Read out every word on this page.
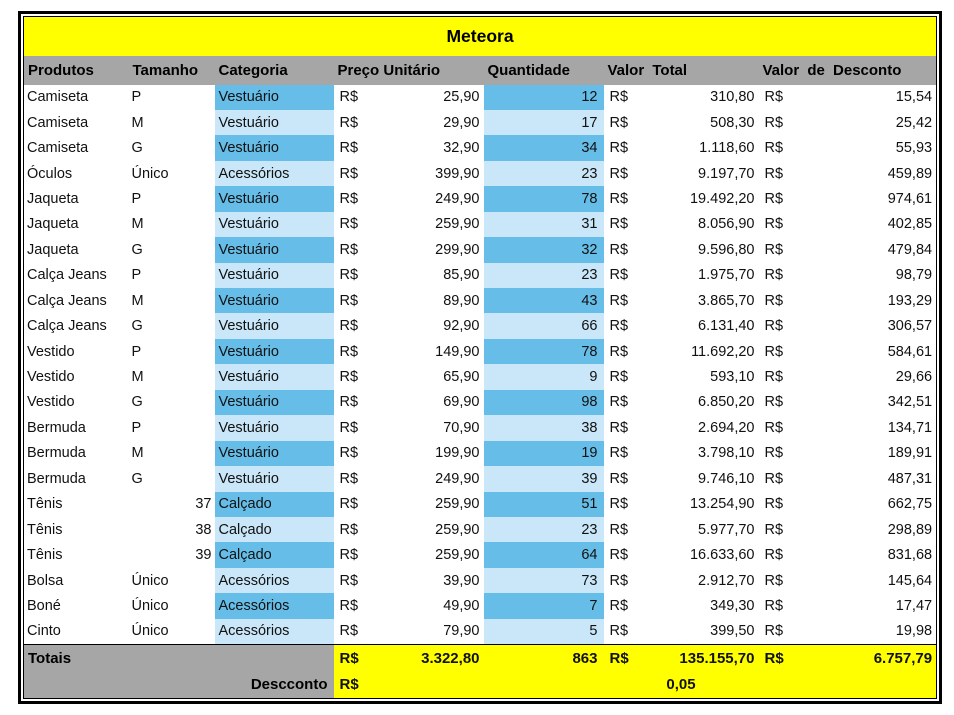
Meteora						
Produtos	Tamanho	Categoria	Preço Unitário	Quantidade	Valor Total	Valor de Desconto
Camiseta	P	Vestuário	R$ 25,90	12	R$ 310,80	R$ 15,54

Camiseta	M	Vestuário	R$ 29,90	17	R$ 508,30	R$ 25,42

Camiseta	G	Vestuário	R$ 32,90	34	R$ 1.118,60	R$ 55,93

Óculos	Único	Acessórios	R$ 399,90	23	R$ 9.197,70	R$ 459,89

Jaqueta	P	Vestuário	R$ 249,90	78	R$ 19.492,20	R$ 974,61

Jaqueta	M	Vestuário	R$ 259,90	31	R$ 8.056,90	R$ 402,85

Jaqueta	G	Vestuário	R$ 299,90	32	R$ 9.596,80	R$ 479,84

Calça Jeans	P	Vestuário	R$ 85,90	23	R$ 1.975,70	R$ 98,79

Calça Jeans	M	Vestuário	R$ 89,90	43	R$ 3.865,70	R$ 193,29

Calça Jeans	G	Vestuário	R$ 92,90	66	R$ 6.131,40	R$ 306,57

Vestido	P	Vestuário	R$ 149,90	78	R$ 11.692,20	R$ 584,61

Vestido	M	Vestuário	R$ 65,90	9	R$ 593,10	R$ 29,66

Vestido	G	Vestuário	R$ 69,90	98	R$ 6.850,20	R$ 342,51

Bermuda	P	Vestuário	R$ 70,90	38	R$ 2.694,20	R$ 134,71

Bermuda	M	Vestuário	R$ 199,90	19	R$ 3.798,10	R$ 189,91

Bermuda	G	Vestuário	R$ 249,90	39	R$ 9.746,10	R$ 487,31

Tênis	37	Calçado	R$ 259,90	51	R$ 13.254,90	R$ 662,75

Tênis	38	Calçado	R$ 259,90	23	R$ 5.977,70	R$ 298,89

Tênis	39	Calçado	R$ 259,90	64	R$ 16.633,60	R$ 831,68

Bolsa	Único	Acessórios	R$ 39,90	73	R$ 2.912,70	R$ 145,64

Boné	Único	Acessórios	R$ 49,90	7	R$ 349,30	R$ 17,47

Cinto	Único	Acessórios	R$ 79,90	5	R$ 399,50	R$ 19,98

Totais			R$ 3.322,80	863	R$ 135.155,70	R$ 6.757,79

Descconto			R$		0,05	
